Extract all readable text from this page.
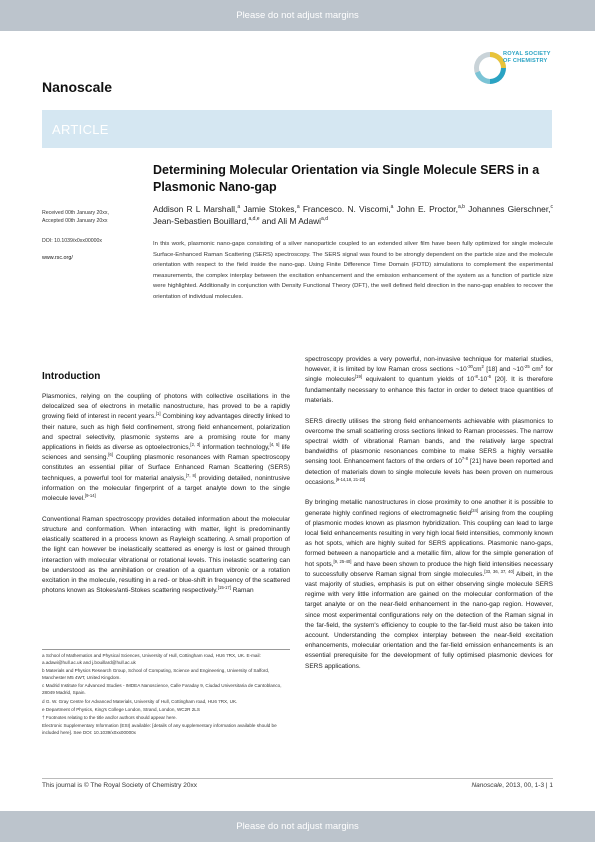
Please do not adjust margins
Nanoscale
ROYAL SOCIETY
OF CHEMISTRY
ARTICLE
Received 00th January 20xx,
Accepted 00th January 20xx
DOI: 10.1039/x0xx00000x
www.rsc.org/
Determining Molecular Orientation via Single Molecule SERS in a Plasmonic Nano-gap
Addison R L Marshall,$^a$ Jamie Stokes,$^a$ Francesco. N. Viscomi,$^a$ John E. Proctor,$^{a,b}$ Johannes Gierschner,$^c$ Jean-Sebastien Bouillard,$^{a,d,e}$ and Ali M Adawi$^{a,d}$
In this work, plasmonic nano-gaps consisting of a silver nanoparticle coupled to an extended silver film have been fully optimized for single molecule Surface-Enhanced Raman Scattering (SERS) spectroscopy. The SERS signal was found to be strongly dependent on the particle size and the molecule orientation with respect to the field inside the nano-gap. Using Finite Difference Time Domain (FDTD) simulations to complement the experimental measurements, the complex interplay between the excitation enhancement and the emission enhancement of the system as a function of particle size were highlighted. Additionally in conjunction with Density Functional Theory (DFT), the well defined field direction in the nano-gap enables to recover the orientation of individual molecules.
Introduction

Plasmonics, relying on the coupling of photons with collective oscillations in the delocalized sea of electrons in metallic nanostructure, has proved to be a rapidly growing field of interest in recent years.[1] Combining key advantages directly linked to their nature, such as high field confinement, strong field enhancement, polarization and spectral selectivity, plasmonic systems are a promising route for many applications in fields as diverse as optoelectronics,[2, 3] information technology,[4, 5] life sciences and sensing.[6] Coupling plasmonic resonances with Raman spectroscopy constitutes an essential pillar of Surface Enhanced Raman Scattering (SERS) techniques, a powerful tool for material analysis,[7, 8] providing detailed, nonintrusive information on the molecular fingerprint of a target analyte down to the single molecule level.[9-14]

Conventional Raman spectroscopy provides detailed information about the molecular structure and conformation. When interacting with matter, light is predominantly elastically scattered in a process known as Rayleigh scattering. A small proportion of the light can however be inelastically scattered as energy is lost or gained through interaction with molecular vibrational or rotational levels. This inelastic scattering can be understood as the annihilation or creation of a quantum vibronic or a rotation excitation in the molecule, resulting in a red- or blue-shift in frequency of the scattered photons known as Stokes/anti-Stokes scattering respectively.[15-17] Raman

spectroscopy provides a very powerful, non-invasive technique for material studies, however, it is limited by low Raman cross sections ~10$^{-30}$cm$^2$ [18] and ~10$^{-25}$ cm$^2$ for single molecules[19] equivalent to quantum yields of 10$^{-8}$-10$^{-6}$ [20]. It is therefore fundamentally necessary to enhance this factor in order to detect trace quantities of materials.

SERS directly utilises the strong field enhancements achievable with plasmonics to overcome the small scattering cross sections linked to Raman processes. The narrow spectral width of vibrational Raman bands, and the relatively large spectral bandwidths of plasmonic resonances combine to make SERS a highly versatile sensing tool. Enhancement factors of the orders of 10$^{7-8}$ [21] have been reported and detection of materials down to single molecule levels has been proven on numerous occasions.[9-14,18, 21-23]

By bringing metallic nanostructures in close proximity to one another it is possible to generate highly confined regions of electromagnetic field[24] arising from the coupling of plasmonic modes known as plasmon hybridization. This coupling can lead to large local field enhancements resulting in very high local field intensities, commonly known as hot spots, which are highly suited for SERS applications. Plasmonic nano-gaps, formed between a nanoparticle and a metallic film, allow for the simple generation of hot spots,[9, 25-40] and have been shown to produce the high field intensities necessary to successfully observe Raman signal from single molecules.[33, 36, 37, 40] Albeit, in the vast majority of studies, emphasis is put on either observing single molecule SERS regime with very little information are gained on the molecular conformation of the target analyte or on the near-field enhancement in the nano-gap region. However, since most experimental configurations rely on the detection of the Raman signal in the far-field, the system's efficiency to couple to the far-field must also be taken into account. Understanding the complex interplay between the near-field excitation enhancements, molecular orientation and the far-field emission enhancements is an essential prerequisite for the development of fully optimised plasmonic devices for SERS applications.

a School of Mathematics and Physical Sciences, University of Hull, Cottingham road, HU6 7RX, UK. E-mail: a.adawi@hull.ac.uk and j.bouillard@hull.ac.uk
b Materials and Physics Research Group, School of Computing, Science and Engineering, University of Salford, Manchester M5 4WT, United Kingdom.
c Madrid Institute for Advanced Studies - IMDEA Nanoscience, Calle Faraday 9, Ciudad Universitaria de Cantoblanco, 28049 Madrid, Spain.
d G. W. Gray Centre for Advanced Materials, University of Hull, Cottingham road, HU6 7RX, UK.
e Department of Physics, King's College London, Strand, London, WC2R 2LS
† Footnotes relating to the title and/or authors should appear here.
Electronic Supplementary Information (ESI) available: [details of any supplementary information available should be included here]. See DOI: 10.1039/x0xx00000x
This journal is © The Royal Society of Chemistry 20xx	Nanoscale, 2013, 00, 1-3 | 1
Please do not adjust margins
